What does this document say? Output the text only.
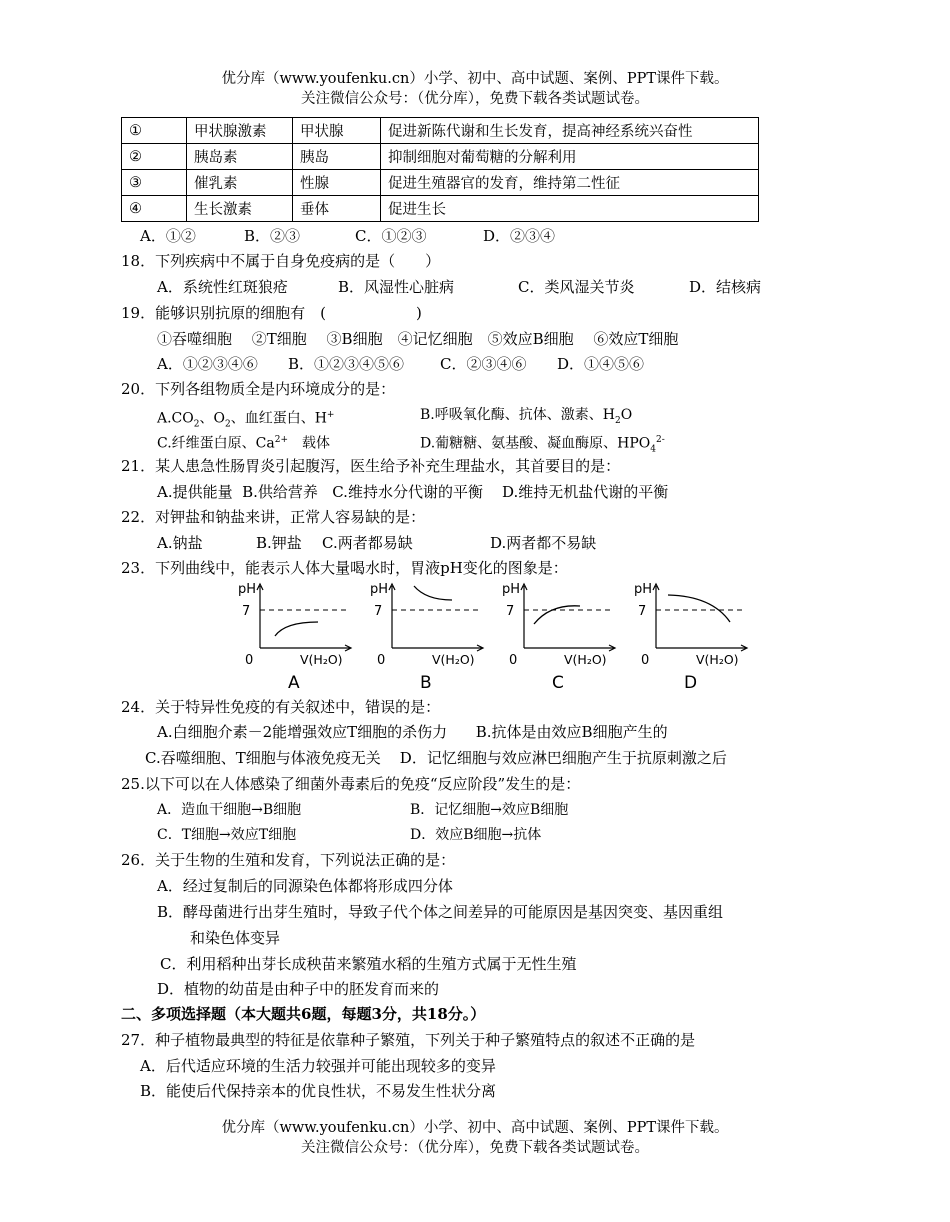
优分库（www.youfenku.cn）小学、初中、高中试题、案例、PPT课件下载。
关注微信公众号：（优分库），免费下载各类试题试卷。
①	甲状腺激素	甲状腺	促进新陈代谢和生长发育，提高神经系统兴奋性
②	胰岛素	胰岛	抑制细胞对葡萄糖的分解利用
③	催乳素	性腺	促进生殖器官的发育，维持第二性征
④	生长激素	垂体	促进生长
A．①②	B．②③	C．①②③	D．②③④
18．下列疾病中不属于自身免疫病的是（　　）
A．系统性红斑狼疮	B．风湿性心脏病	C．类风湿关节炎	D．结核病
19．能够识别抗原的细胞有　(　　　　　　)
①吞噬细胞　 ②T细胞　 ③B细胞　④记忆细胞　⑤效应B细胞　 ⑥效应T细胞
A．①②③④⑥ B．①②③④⑤⑥ C．②③④⑥ D．①④⑤⑥
20．下列各组物质全是内环境成分的是：
$A.CO_2$、$O_2$、血红蛋白、H+	B.呼吸氧化酶、抗体、激素、$H_2O$
C.纤维蛋白原、$Ca^{2+}$　载体	D.葡糖糖、氨基酸、凝血酶原、$HPO_4^{2-}$
21．某人患急性肠胃炎引起腹泻，医生给予补充生理盐水，其首要目的是：
A.提供能量  B.供给营养   C.维持水分代谢的平衡    D.维持无机盐代谢的平衡
22．对钾盐和钠盐来讲，正常人容易缺的是：
A.钠盐	B.钾盐 C.两者都易缺	D.两者都不易缺
23．下列曲线中，能表示人体大量喝水时，胃液pH变化的图象是：
pH
7
0	V(H₂O)
A
pH
7
0	V(H₂O)
B
pH
7
0	V(H₂O)
C
pH
7
0	V(H₂O)
D
24．关于特异性免疫的有关叙述中，错误的是：
A.白细胞介素－2能增强效应T细胞的杀伤力      B.抗体是由效应B细胞产生的
C.吞噬细胞、T细胞与体液免疫无关    D．记忆细胞与效应淋巴细胞产生于抗原刺激之后
25.以下可以在人体感染了细菌外毒素后的免疫“反应阶段”发生的是：
A．造血干细胞→B细胞	B．记忆细胞→效应B细胞
C．T细胞→效应T细胞	D．效应B细胞→抗体
26．关于生物的生殖和发育，下列说法正确的是：
A．经过复制后的同源染色体都将形成四分体
B．酵母菌进行出芽生殖时，导致子代个体之间差异的可能原因是基因突变、基因重组
和染色体变异
C．利用稻种出芽长成秧苗来繁殖水稻的生殖方式属于无性生殖
D．植物的幼苗是由种子中的胚发育而来的
二、多项选择题（本大题共6题，每题3分，共18分。）
27．种子植物最典型的特征是依靠种子繁殖，下列关于种子繁殖特点的叙述不正确的是
A．后代适应环境的生活力较强并可能出现较多的变异
B．能使后代保持亲本的优良性状，不易发生性状分离
优分库（www.youfenku.cn）小学、初中、高中试题、案例、PPT课件下载。
关注微信公众号：（优分库），免费下载各类试题试卷。
